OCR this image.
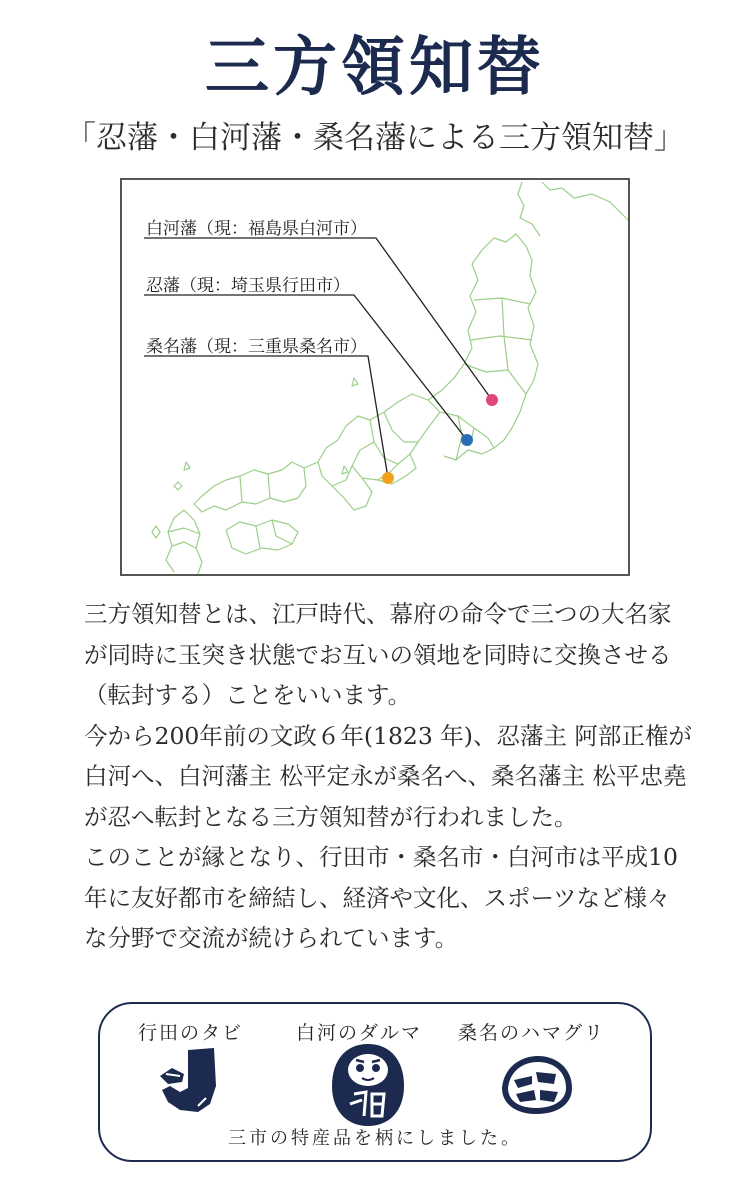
三方領知替
「忍藩・白河藩・桑名藩による三方領知替」
白河藩（現：福島県白河市）
忍藩（現：埼玉県行田市）
桑名藩（現：三重県桑名市）

三方領知替とは、江戸時代、幕府の命令で三つの大名家が同時に玉突き状態でお互いの領地を同時に交換させる（転封する）ことをいいます。

今から200年前の文政６年(1823 年)、忍藩主 阿部正権が白河へ、白河藩主 松平定永が桑名へ、桑名藩主 松平忠堯が忍へ転封となる三方領知替が行われました。

このことが縁となり、行田市・桑名市・白河市は平成10年に友好都市を締結し、経済や文化、スポーツなど様々な分野で交流が続けられています。

行田のタビ	白河のダルマ 桑名のハマグリ
三市の特産品を柄にしました。
